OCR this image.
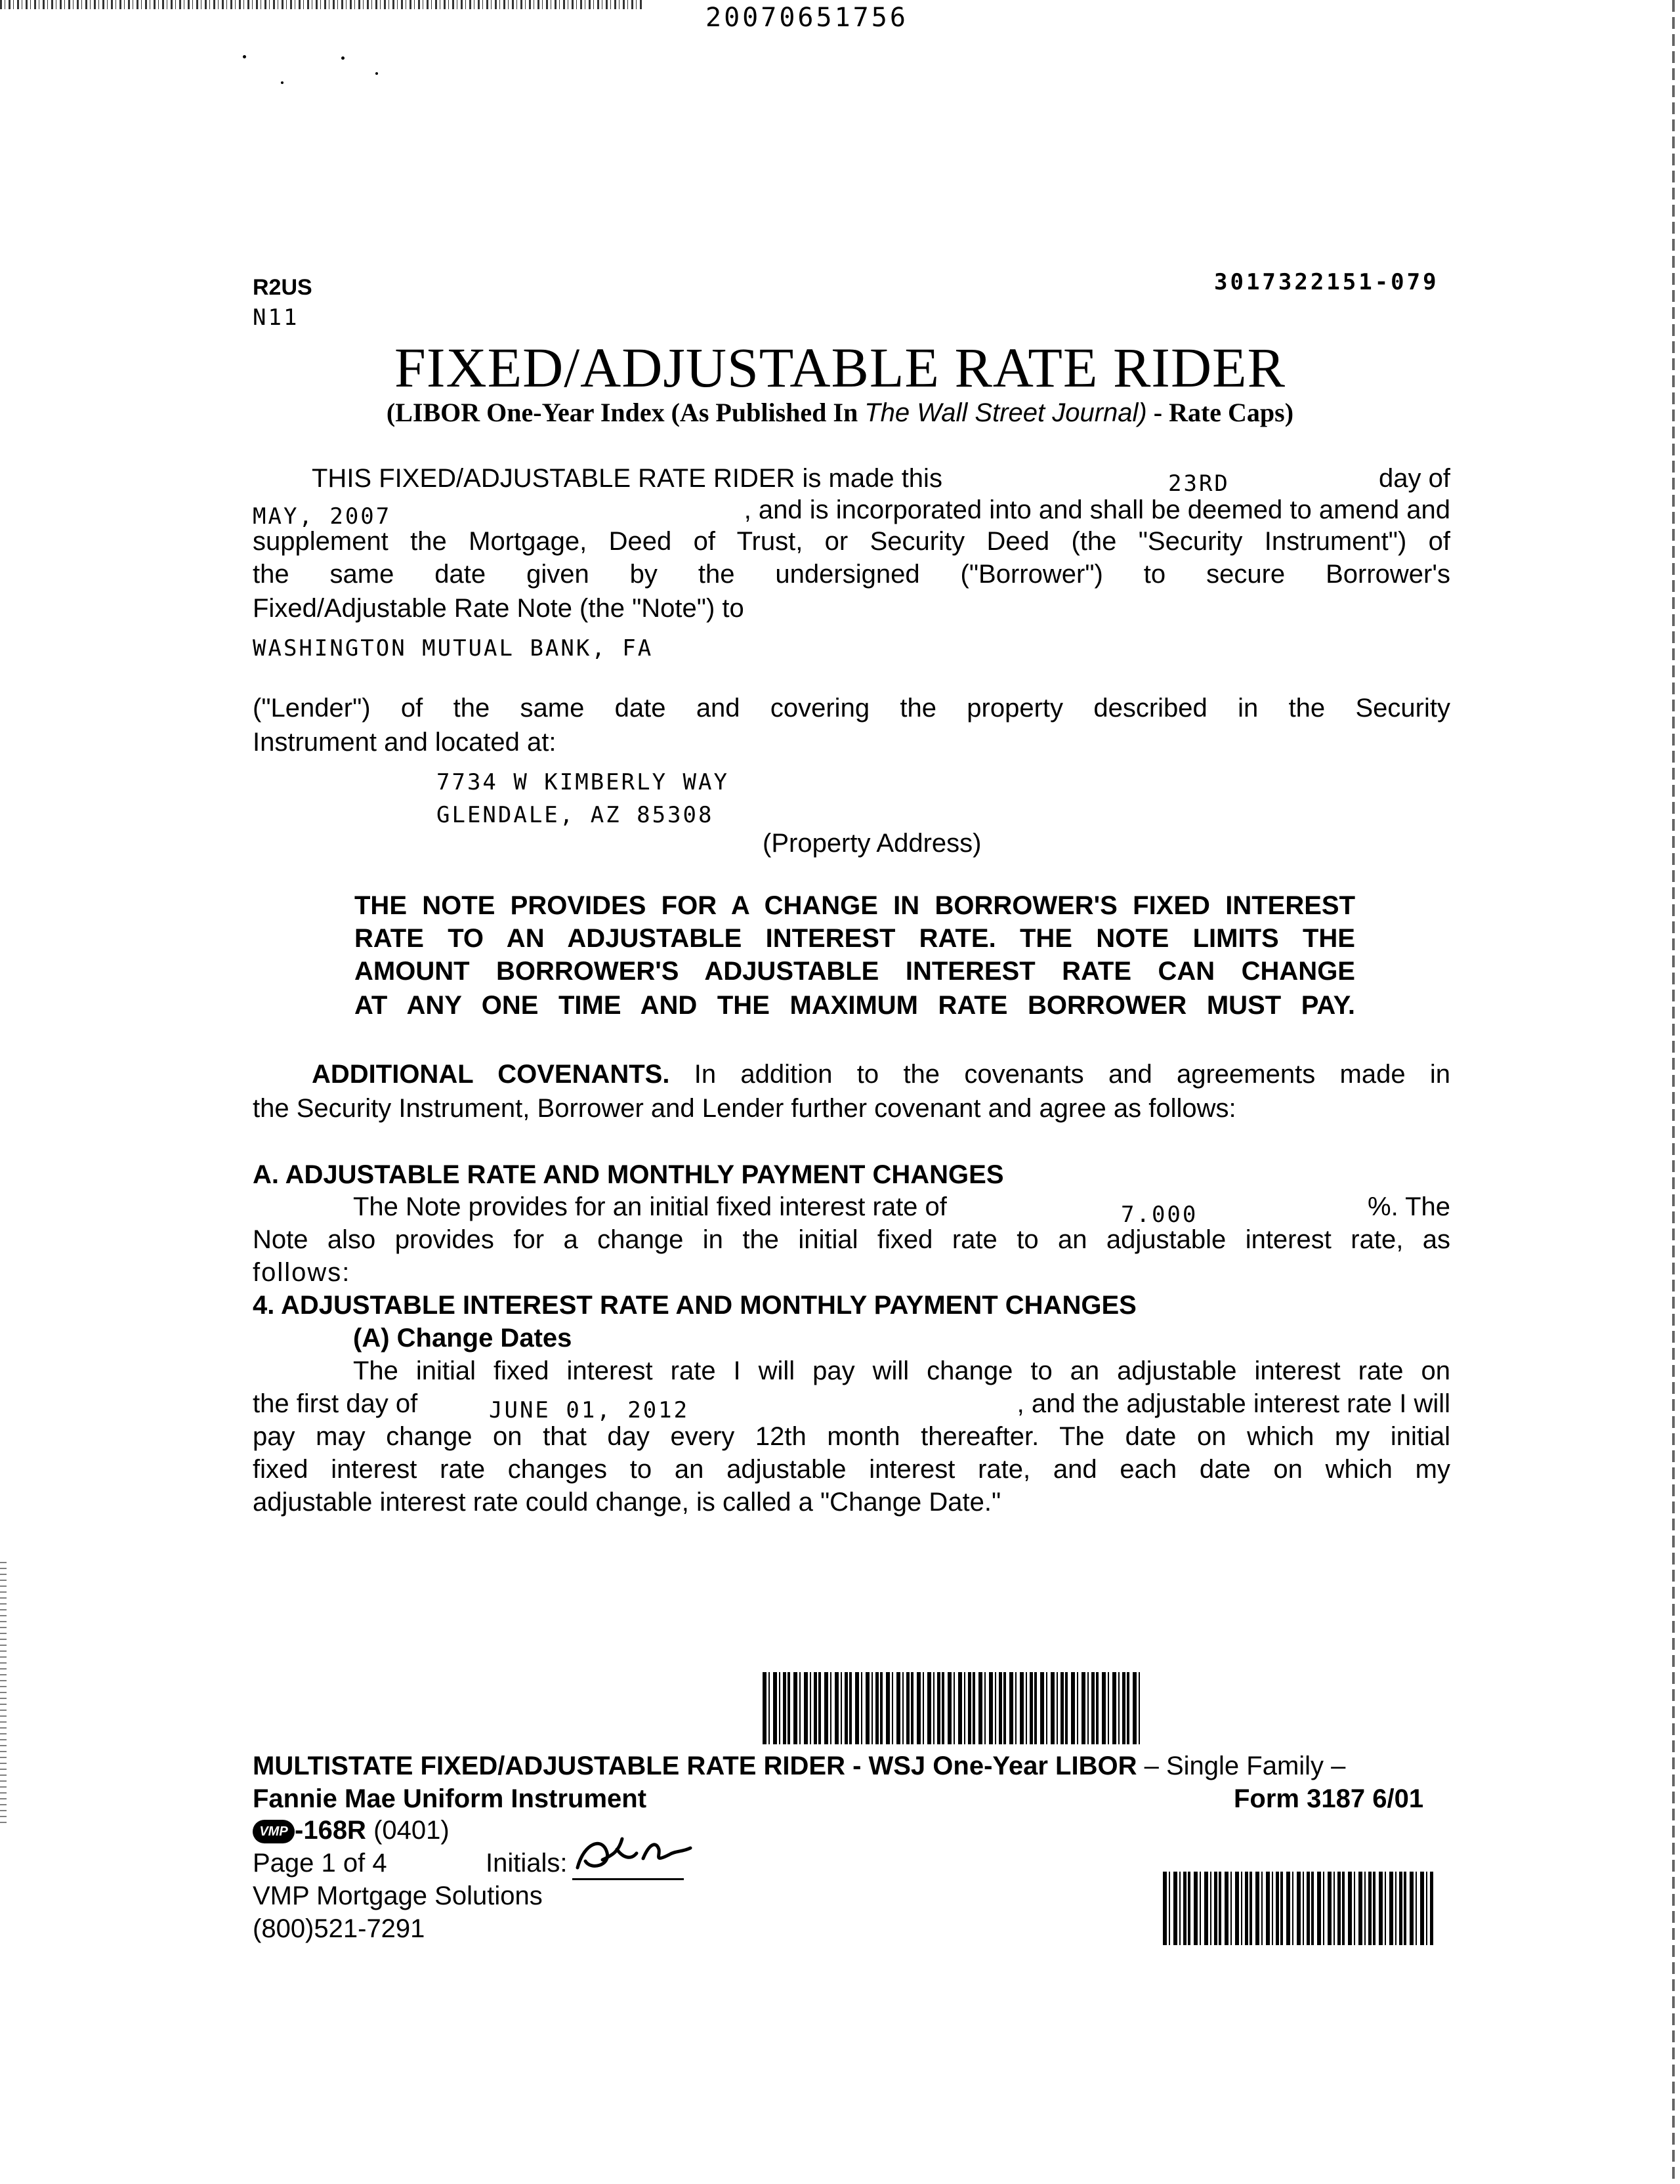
20070651756
R2US
N11
3017322151-079
FIXED/ADJUSTABLE RATE RIDER
(LIBOR One-Year Index (As Published In The Wall Street Journal) - Rate Caps)
THIS FIXED/ADJUSTABLE RATE RIDER is made this	23RD	day of
MAY, 2007	, and is incorporated into and shall be deemed to amend and
supplement the Mortgage, Deed of Trust, or Security Deed (the "Security Instrument") of
the same date given by the undersigned ("Borrower") to secure Borrower's
Fixed/Adjustable Rate Note (the "Note") to
WASHINGTON MUTUAL BANK, FA
("Lender") of the same date and covering the property described in the Security
Instrument and located at:
7734 W KIMBERLY WAY
GLENDALE, AZ 85308
(Property Address)
THE NOTE PROVIDES FOR A CHANGE IN BORROWER'S FIXED INTEREST
RATE TO AN ADJUSTABLE INTEREST RATE. THE NOTE LIMITS THE
AMOUNT BORROWER'S ADJUSTABLE INTEREST RATE CAN CHANGE
AT ANY ONE TIME AND THE MAXIMUM RATE BORROWER MUST PAY.
ADDITIONAL COVENANTS. In addition to the covenants and agreements made in
the Security Instrument, Borrower and Lender further covenant and agree as follows:
A. ADJUSTABLE RATE AND MONTHLY PAYMENT CHANGES
The Note provides for an initial fixed interest rate of	7.000	%. The
Note also provides for a change in the initial fixed rate to an adjustable interest rate, as
follows:
4. ADJUSTABLE INTEREST RATE AND MONTHLY PAYMENT CHANGES
(A) Change Dates
The initial fixed interest rate I will pay will change to an adjustable interest rate on
the first day of	JUNE 01, 2012	, and the adjustable interest rate I will
pay may change on that day every 12th month thereafter. The date on which my initial
fixed interest rate changes to an adjustable interest rate, and each date on which my
adjustable interest rate could change, is called a "Change Date."
MULTISTATE FIXED/ADJUSTABLE RATE RIDER - WSJ One-Year LIBOR – Single Family –
Fannie Mae Uniform Instrument	Form 3187 6/01
VMP -168R (0401)
Page 1 of 4	Initials:
VMP Mortgage Solutions
(800)521-7291
